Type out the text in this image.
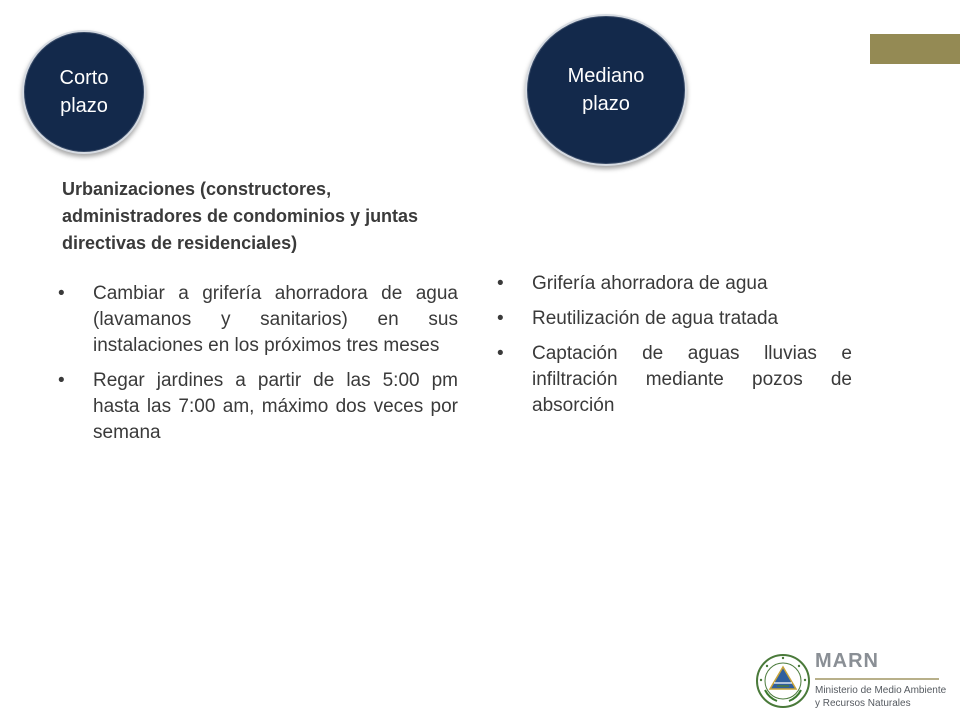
Corto
plazo
Mediano
plazo
Urbanizaciones (constructores, administradores de condominios y juntas directivas de residenciales)
• Cambiar a grifería ahorradora de agua (lavamanos y sanitarios) en sus instalaciones en los próximos tres meses
• Regar jardines a partir de las 5:00 pm hasta las 7:00 am, máximo dos veces por semana
• Grifería ahorradora de agua
• Reutilización de agua tratada
• Captación de aguas lluvias e infiltración mediante pozos de absorción
MARN
Ministerio de Medio Ambiente
y Recursos Naturales
